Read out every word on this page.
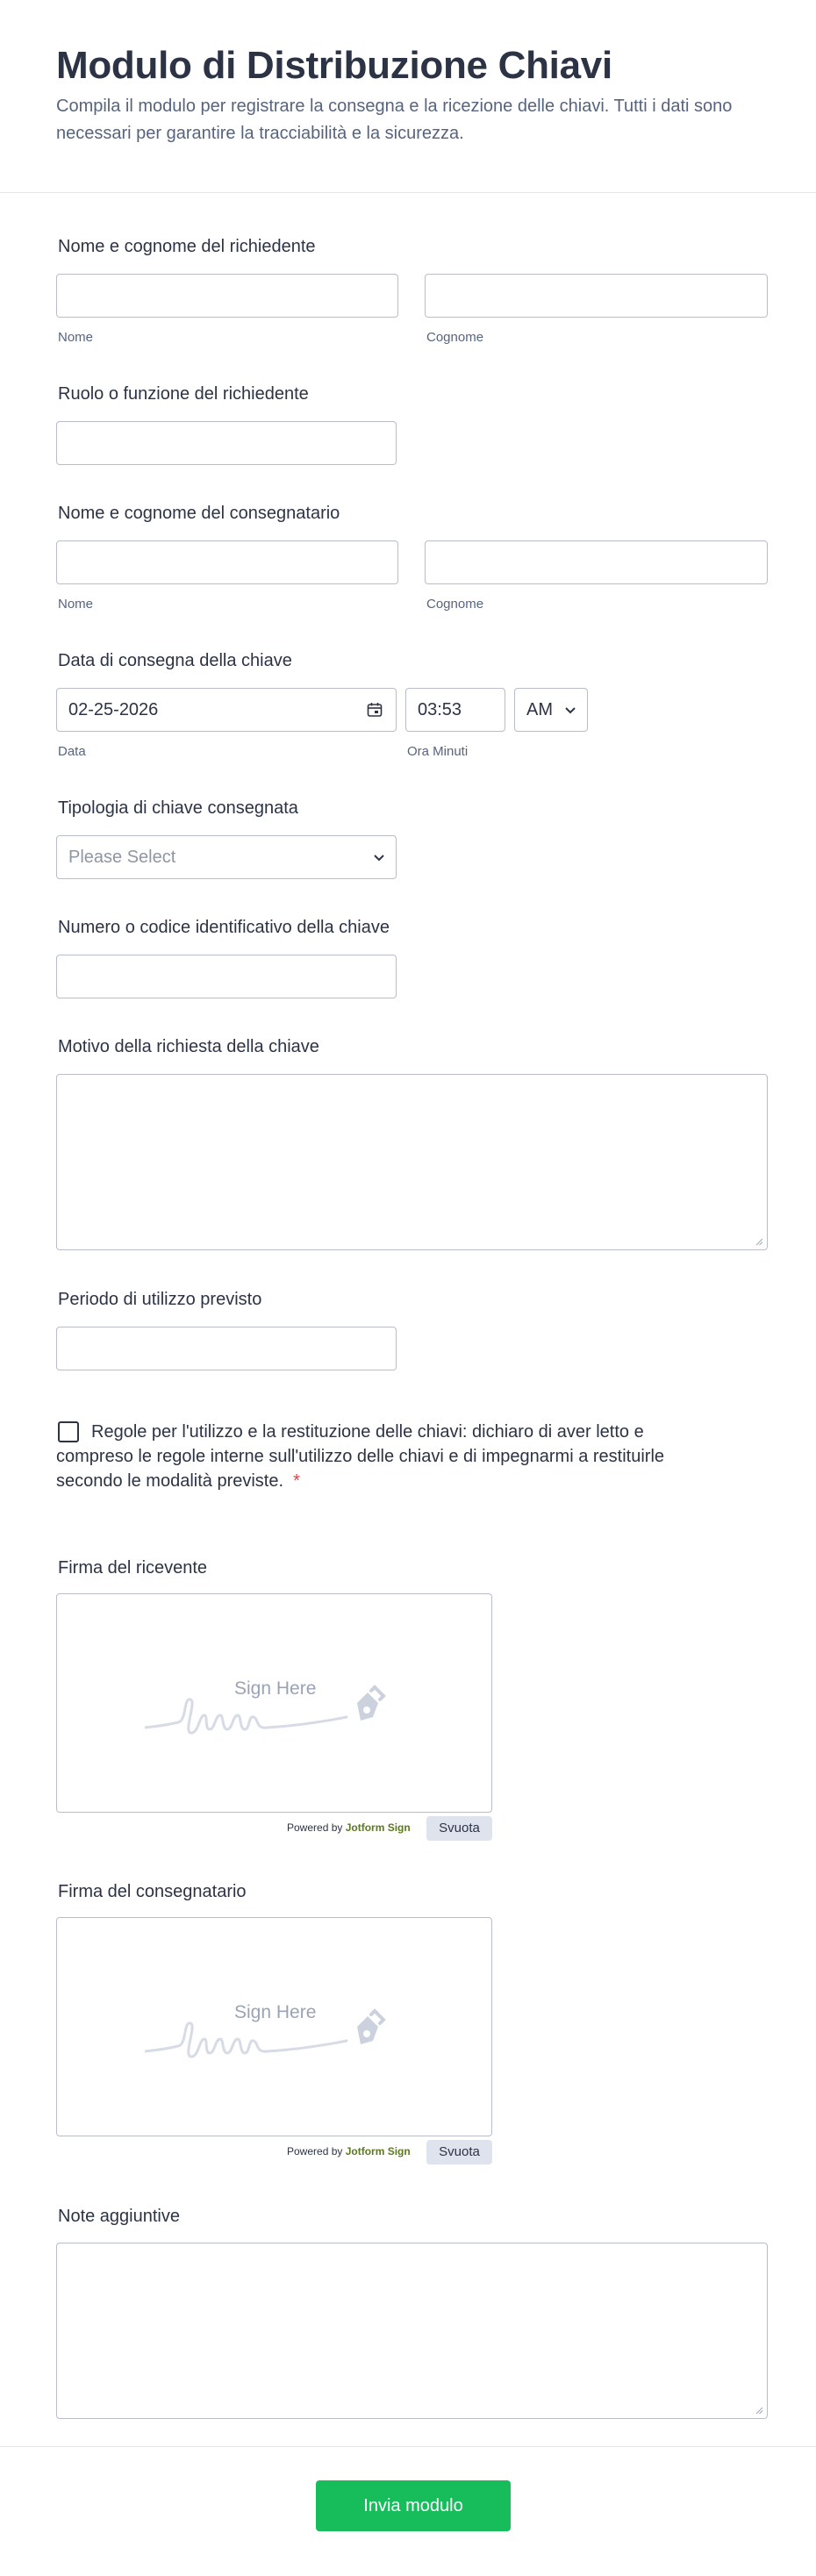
Modulo di Distribuzione Chiavi
Compila il modulo per registrare la consegna e la ricezione delle chiavi. Tutti i dati sono necessari per garantire la tracciabilità e la sicurezza.
Nome e cognome del richiedente
Nome	Cognome
Ruolo o funzione del richiedente
Nome e cognome del consegnatario
Nome	Cognome
Data di consegna della chiave
02-25-2026	03:53	AM
Data	Ora Minuti
Tipologia di chiave consegnata
Please Select
Numero o codice identificativo della chiave
Motivo della richiesta della chiave
Periodo di utilizzo previsto
Regole per l'utilizzo e la restituzione delle chiavi: dichiaro di aver letto e compreso le regole interne sull'utilizzo delle chiavi e di impegnarmi a restituirle secondo le modalità previste. *
Firma del ricevente
Sign Here
Powered by Jotform Sign	Svuota
Firma del consegnatario
Sign Here
Powered by Jotform Sign	Svuota
Note aggiuntive
Invia modulo
